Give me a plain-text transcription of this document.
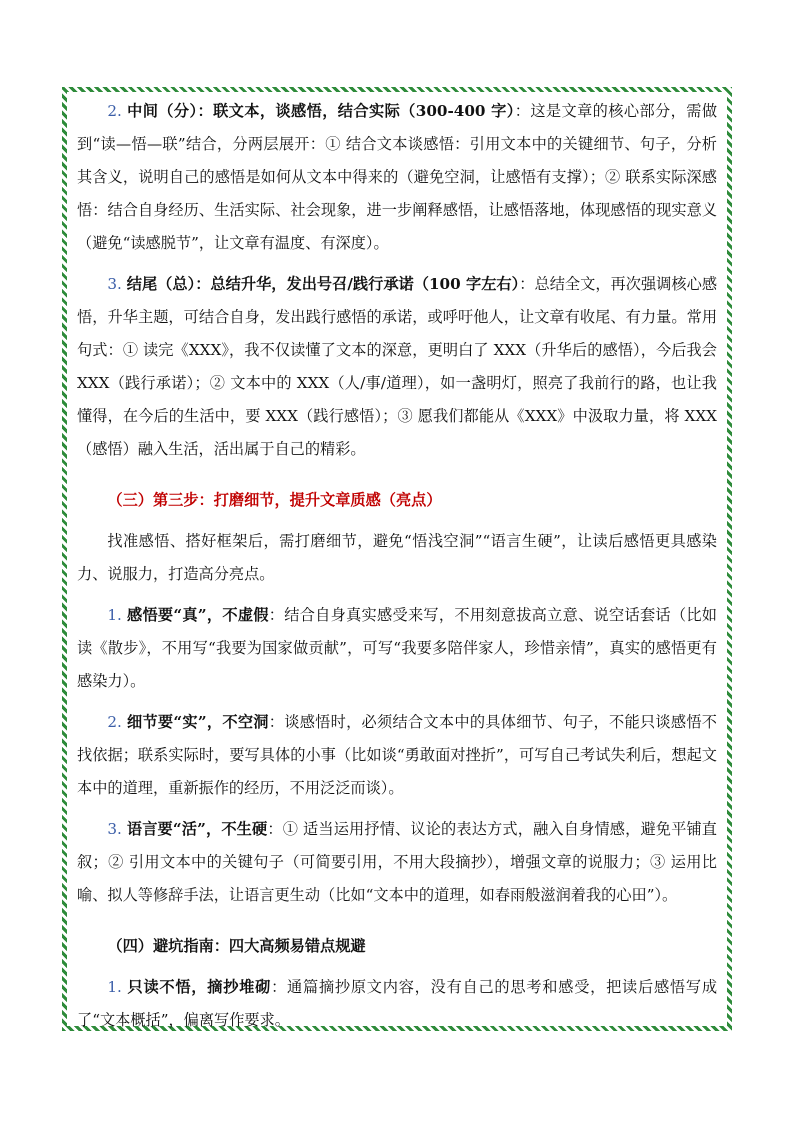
2. 中间（分）：联文本，谈感悟，结合实际（300-400 字）：这是文章的核心部分，需做到“读—悟—联”结合，分两层展开：① 结合文本谈感悟：引用文本中的关键细节、句子，分析其含义，说明自己的感悟是如何从文本中得来的（避免空洞，让感悟有支撑）；② 联系实际深感悟：结合自身经历、生活实际、社会现象，进一步阐释感悟，让感悟落地，体现感悟的现实意义（避免“读感脱节”，让文章有温度、有深度）。

3. 结尾（总）：总结升华，发出号召/践行承诺（100 字左右）：总结全文，再次强调核心感悟，升华主题，可结合自身，发出践行感悟的承诺，或呼吁他人，让文章有收尾、有力量。常用句式：① 读完《XXX》，我不仅读懂了文本的深意，更明白了 XXX（升华后的感悟），今后我会 XXX（践行承诺）；② 文本中的 XXX（人/事/道理），如一盏明灯，照亮了我前行的路，也让我懂得，在今后的生活中，要 XXX（践行感悟）；③ 愿我们都能从《XXX》中汲取力量，将 XXX（感悟）融入生活，活出属于自己的精彩。

（三）第三步：打磨细节，提升文章质感（亮点）

找准感悟、搭好框架后，需打磨细节，避免“悟浅空洞”“语言生硬”，让读后感悟更具感染力、说服力，打造高分亮点。

1. 感悟要“真”，不虚假：结合自身真实感受来写，不用刻意拔高立意、说空话套话（比如读《散步》，不用写“我要为国家做贡献”，可写“我要多陪伴家人，珍惜亲情”，真实的感悟更有感染力）。

2. 细节要“实”，不空洞：谈感悟时，必须结合文本中的具体细节、句子，不能只谈感悟不找依据；联系实际时，要写具体的小事（比如谈“勇敢面对挫折”，可写自己考试失利后，想起文本中的道理，重新振作的经历，不用泛泛而谈）。

3. 语言要“活”，不生硬：① 适当运用抒情、议论的表达方式，融入自身情感，避免平铺直叙；② 引用文本中的关键句子（可简要引用，不用大段摘抄），增强文章的说服力；③ 运用比喻、拟人等修辞手法，让语言更生动（比如“文本中的道理，如春雨般滋润着我的心田”）。

（四）避坑指南：四大高频易错点规避

1. 只读不悟，摘抄堆砌：通篇摘抄原文内容，没有自己的思考和感受，把读后感悟写成了“文本概括”，偏离写作要求。
